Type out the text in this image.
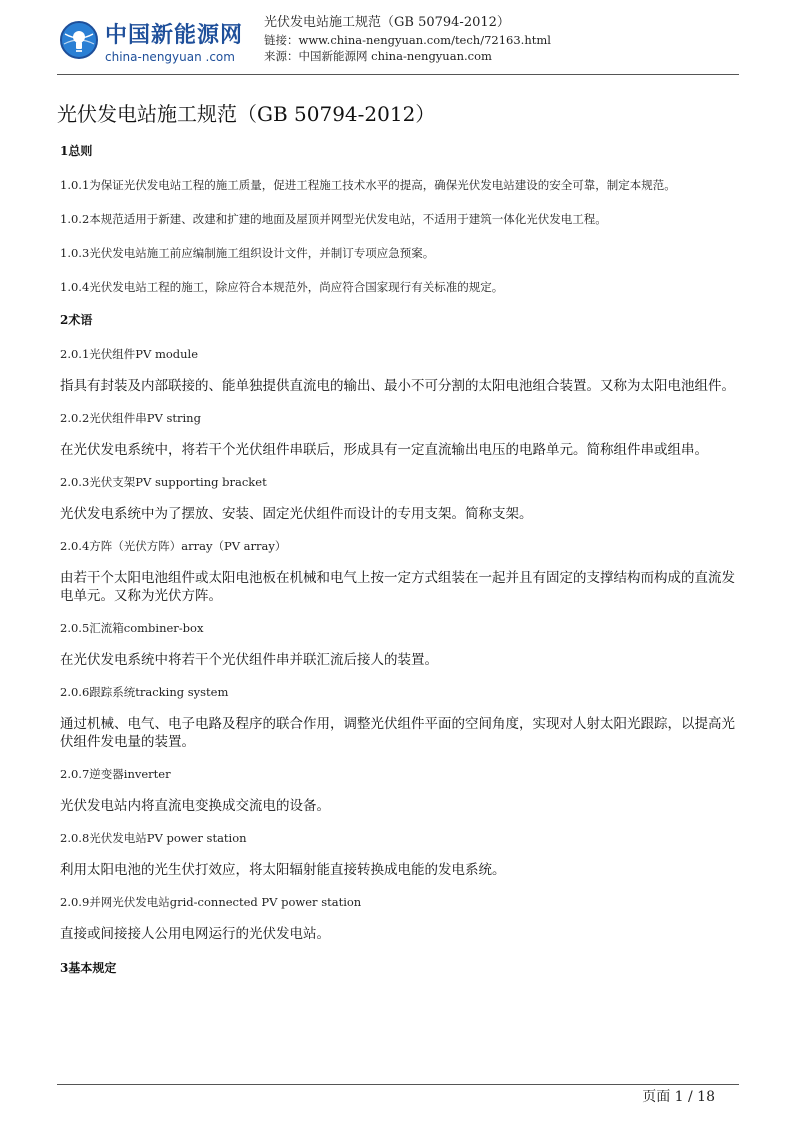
中国新能源网
china-nengyuan .com
光伏发电站施工规范（GB 50794-2012）
链接：www.china-nengyuan.com/tech/72163.html
来源：中国新能源网 china-nengyuan.com
光伏发电站施工规范（GB 50794-2012）

1总则

1.0.1为保证光伏发电站工程的施工质量，促进工程施工技术水平的提高，确保光伏发电站建设的安全可靠，制定本规范。

1.0.2本规范适用于新建、改建和扩建的地面及屋顶并网型光伏发电站，不适用于建筑一体化光伏发电工程。

1.0.3光伏发电站施工前应编制施工组织设计文件，并制订专项应急预案。

1.0.4光伏发电站工程的施工，除应符合本规范外，尚应符合国家现行有关标准的规定。

2术语

2.0.1光伏组件PV module

指具有封装及内部联接的、能单独提供直流电的输出、最小不可分割的太阳电池组合装置。又称为太阳电池组件。

2.0.2光伏组件串PV string

在光伏发电系统中，将若干个光伏组件串联后，形成具有一定直流输出电压的电路单元。简称组件串或组串。

2.0.3光伏支架PV supporting bracket

光伏发电系统中为了摆放、安装、固定光伏组件而设计的专用支架。简称支架。

2.0.4方阵（光伏方阵）array（PV array）

由若干个太阳电池组件或太阳电池板在机械和电气上按一定方式组装在一起并且有固定的支撑结构而构成的直流发电单元。又称为光伏方阵。

2.0.5汇流箱combiner-box

在光伏发电系统中将若干个光伏组件串并联汇流后接人的装置。

2.0.6跟踪系统tracking system

通过机械、电气、电子电路及程序的联合作用，调整光伏组件平面的空间角度，实现对人射太阳光跟踪，以提高光伏组件发电量的装置。

2.0.7逆变器inverter

光伏发电站内将直流电变换成交流电的设备。

2.0.8光伏发电站PV power station

利用太阳电池的光生伏打效应，将太阳辐射能直接转换成电能的发电系统。

2.0.9并网光伏发电站grid-connected PV power station

直接或间接接人公用电网运行的光伏发电站。

3基本规定

页面 1 / 18
